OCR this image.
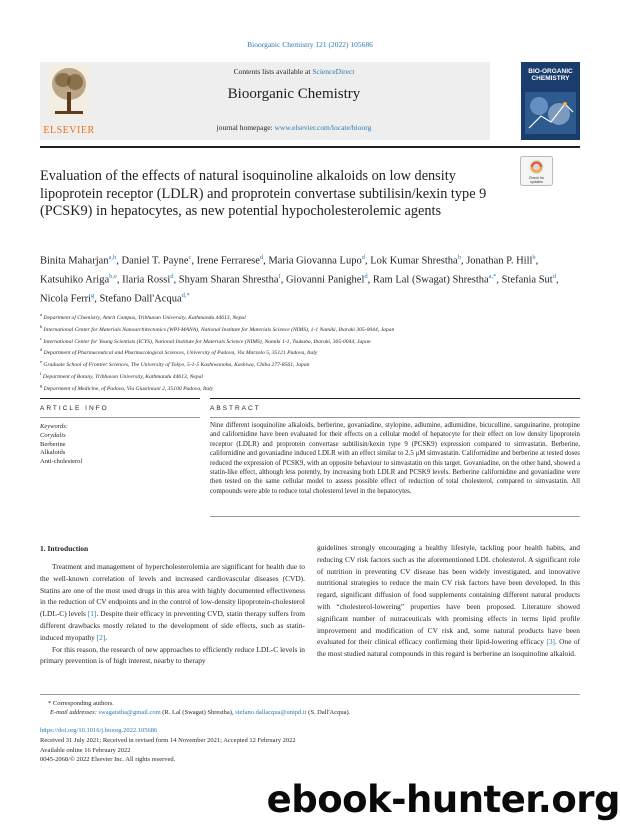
Bioorganic Chemistry 121 (2022) 105686
ELSEVIER
Contents lists available at ScienceDirect
Bioorganic Chemistry
journal homepage: www.elsevier.com/locate/bioorg
BIO-ORGANIC CHEMISTRY
Evaluation of the effects of natural isoquinoline alkaloids on low density lipoprotein receptor (LDLR) and proprotein convertase subtilisin/kexin type 9 (PCSK9) in hepatocytes, as new potential hypocholesterolemic agents
Check for
updates
Binita Maharjan$^{a,b}$, Daniel T. Payne$^c$, Irene Ferrarese$^d$, Maria Giovanna Lupo$^d$, Lok Kumar Shrestha$^b$, Jonathan P. Hill$^b$, Katsuhiko Ariga$^{b,e}$, Ilaria Rossi$^d$, Shyam Sharan Shrestha$^f$, Giovanni Panighel$^d$, Ram Lal (Swagat) Shrestha$^{a,*}$, Stefania Sut$^d$, Nicola Ferri$^g$, Stefano Dall'Acqua$^{d,*}$
$^a$ Department of Chemistry, Amrit Campus, Tribhuvan University, Kathmandu 44613, Nepal
$^b$ International Center for Materials Nanoarchitectonics (WPI-MANA), National Institute for Materials Science (NIMS), 1-1 Namiki, Ibaraki 305-0044, Japan
$^c$ International Center for Young Scientists (ICYS), National Institute for Materials Science (NIMS), Namiki 1-1, Tsukuba, Ibaraki, 305-0044, Japan
$^d$ Department of Pharmaceutical and Pharmacological Sciences, University of Padova, Via Marzolo 5, 35121 Padova, Italy
$^e$ Graduate School of Frontier Sciences, The University of Tokyo, 5-1-5 Kashiwanoha, Kashiwa, Chiba 277-8561, Japan
$^f$ Department of Botany, Tribhuvan University, Kathmandu 44613, Nepal
$^g$ Department of Medicine, of Padova, Via Giustiniani 2, 35100 Padova, Italy
ARTICLE INFO	ABSTRACT
Keywords:
Corydalis
Berberine
Alkaloids
Anti-cholesterol
Nine different isoquinoline alkaloids, berberine, govaniadine, stylopine, adlumine, adlumidine, bicuculline, sanguinarine, protopine and californidine have been evaluated for their effects on a cellular model of hepatocyte for their effect on low density lipoprotein receptor (LDLR) and proprotein convertase subtilisin/kexin type 9 (PCSK9) expression compared to simvastatin. Berberine, californidine and govaniadine induced LDLR with an effect similar to 2.5 μM simvastatin. Californidine and berberine at tested doses reduced the expression of PCSK9, with an opposite behaviour to simvastatin on this target. Govaniadine, on the other hand, showed a statin-like effect, although less potently, by increasing both LDLR and PCSK9 levels. Berberine californidine and govaniadine were then tested on the same cellular model to assess possible effect of reduction of total cholesterol, compared to simvastatin. All compounds were able to reduce total cholesterol level in the hepatocytes.
1. Introduction

Treatment and management of hypercholesterolemia are significant for health due to the well-known correlation of levels and increased cardiovascular diseases (CVD). Statins are one of the most used drugs in this area with highly documented effectiveness in the reduction of CV endpoints and in the control of low-density lipoprotein-cholesterol (LDL-C) levels [1]. Despite their efficacy in preventing CVD, statin therapy suffers from different drawbacks mostly related to the development of side effects, such as statin-induced myopathy [2].

For this reason, the research of new approaches to efficiently reduce LDL-C levels in primary prevention is of high interest, nearby to therapy

guidelines strongly encouraging a healthy lifestyle, tackling poor health habits, and reducing CV risk factors such as the aforementioned LDL cholesterol. A significant role of nutrition in preventing CV disease has been widely investigated, and innovative nutritional strategies to reduce the main CV risk factors have been developed. In this regard, significant diffusion of food supplements containing different natural products with “cholesterol-lowering” properties have been proposed. Literature showed significant number of nutraceuticals with promising effects in terms lipid profile improvement and modification of CV risk and, some natural products have been evaluated for their clinical efficacy confirming their lipid-lowering efficacy [3]. One of the most studied natural compounds in this regard is berberine an isoquinoline alkaloid.

* Corresponding authors.
E-mail addresses: swagatstha@gmail.com (R. Lal (Swagat) Shrestha), stefano.dallacqua@unipd.it (S. Dall'Acqua).
https://doi.org/10.1016/j.bioorg.2022.105686
Received 31 July 2021; Received in revised form 14 November 2021; Accepted 12 February 2022
Available online 16 February 2022
0045-2068/© 2022 Elsevier Inc. All rights reserved.
ebook-hunter.org
